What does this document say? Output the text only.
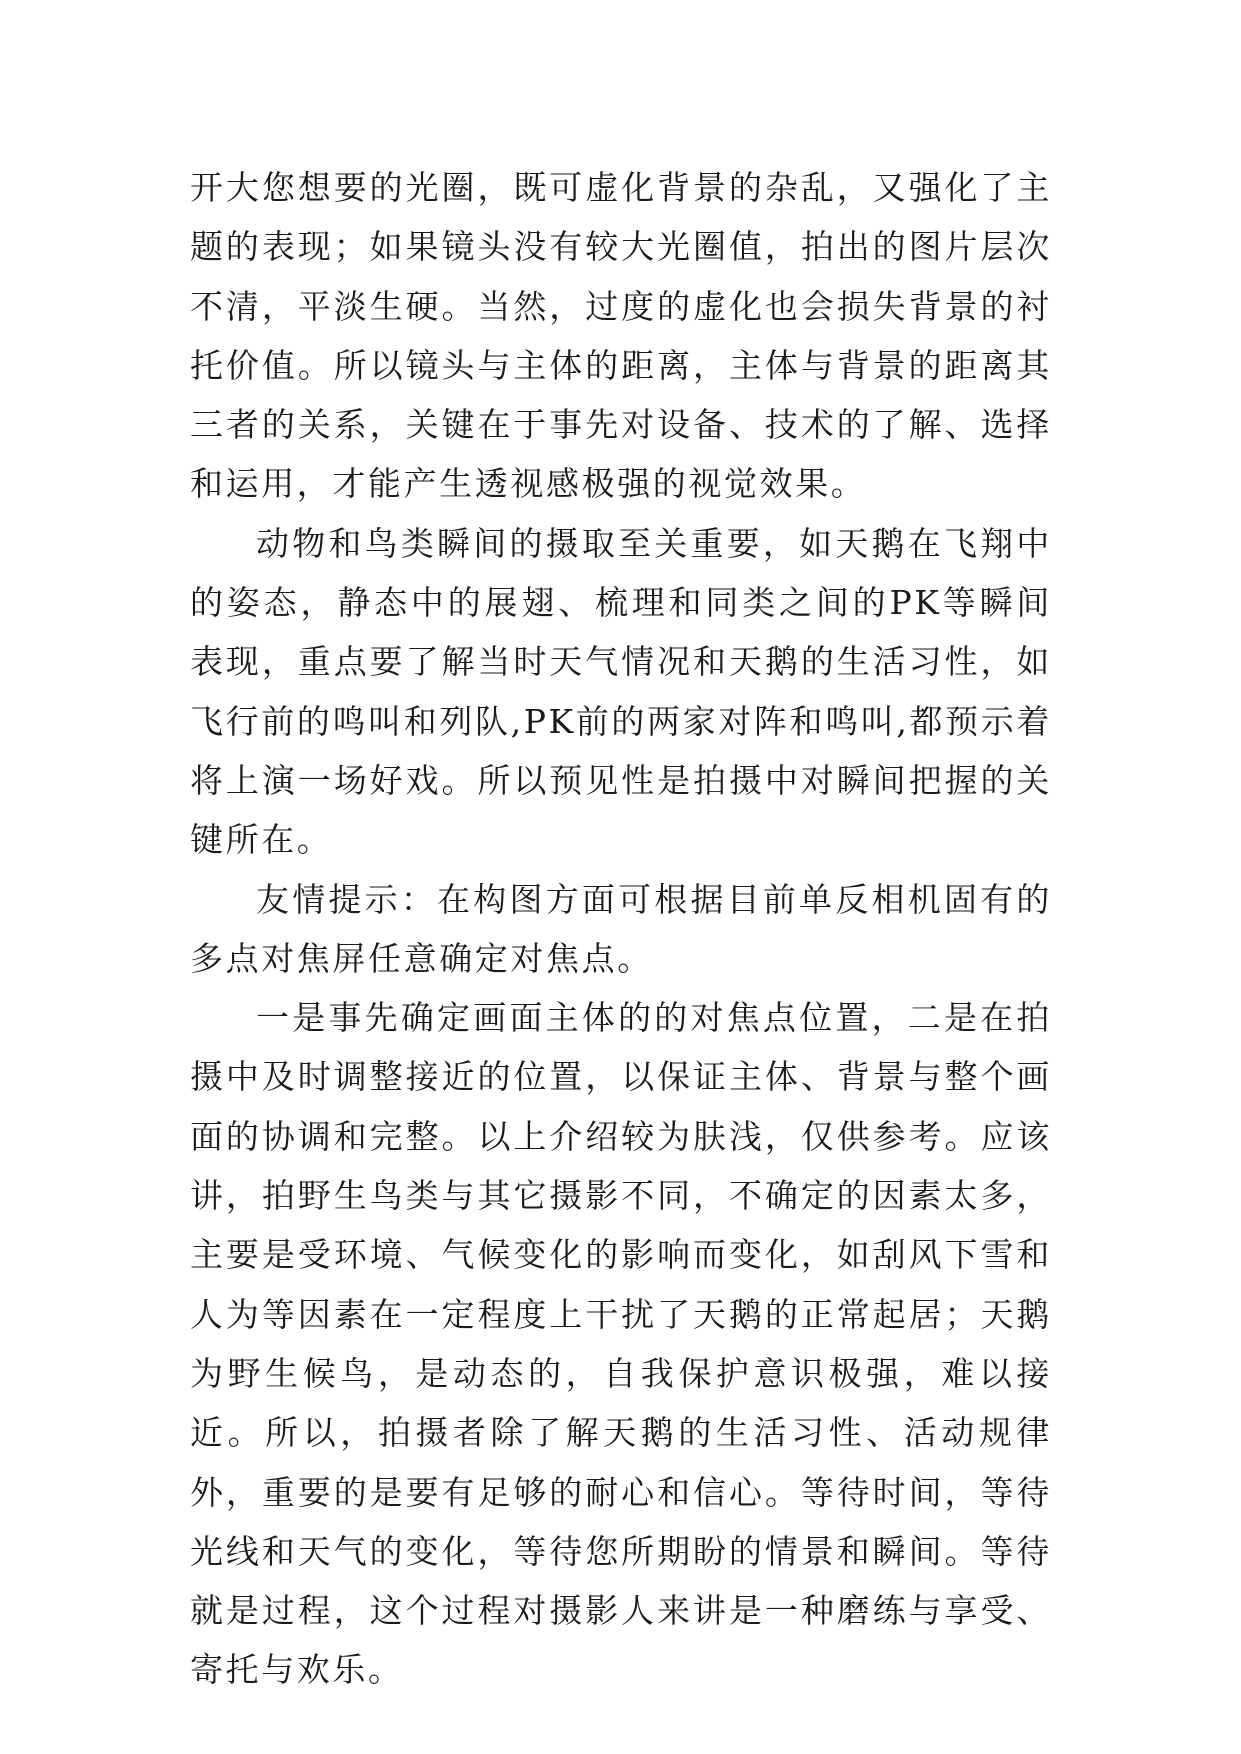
开大您想要的光圈，既可虚化背景的杂乱，又强化了主题的表现；如果镜头没有较大光圈值，拍出的图片层次不清，平淡生硬。当然，过度的虚化也会损失背景的衬托价值。所以镜头与主体的距离，主体与背景的距离其三者的关系，关键在于事先对设备、技术的了解、选择和运用，才能产生透视感极强的视觉效果。

动物和鸟类瞬间的摄取至关重要，如天鹅在飞翔中的姿态，静态中的展翅、梳理和同类之间的PK等瞬间表现，重点要了解当时天气情况和天鹅的生活习性，如飞行前的鸣叫和列队,PK前的两家对阵和鸣叫,都预示着将上演一场好戏。所以预见性是拍摄中对瞬间把握的关键所在。

友情提示：在构图方面可根据目前单反相机固有的多点对焦屏任意确定对焦点。

一是事先确定画面主体的的对焦点位置，二是在拍摄中及时调整接近的位置，以保证主体、背景与整个画面的协调和完整。以上介绍较为肤浅，仅供参考。应该讲，拍野生鸟类与其它摄影不同，不确定的因素太多，主要是受环境、气候变化的影响而变化，如刮风下雪和人为等因素在一定程度上干扰了天鹅的正常起居；天鹅为野生候鸟，是动态的，自我保护意识极强，难以接近。所以，拍摄者除了解天鹅的生活习性、活动规律外，重要的是要有足够的耐心和信心。等待时间，等待光线和天气的变化，等待您所期盼的情景和瞬间。等待就是过程，这个过程对摄影人来讲是一种磨练与享受、寄托与欢乐。
